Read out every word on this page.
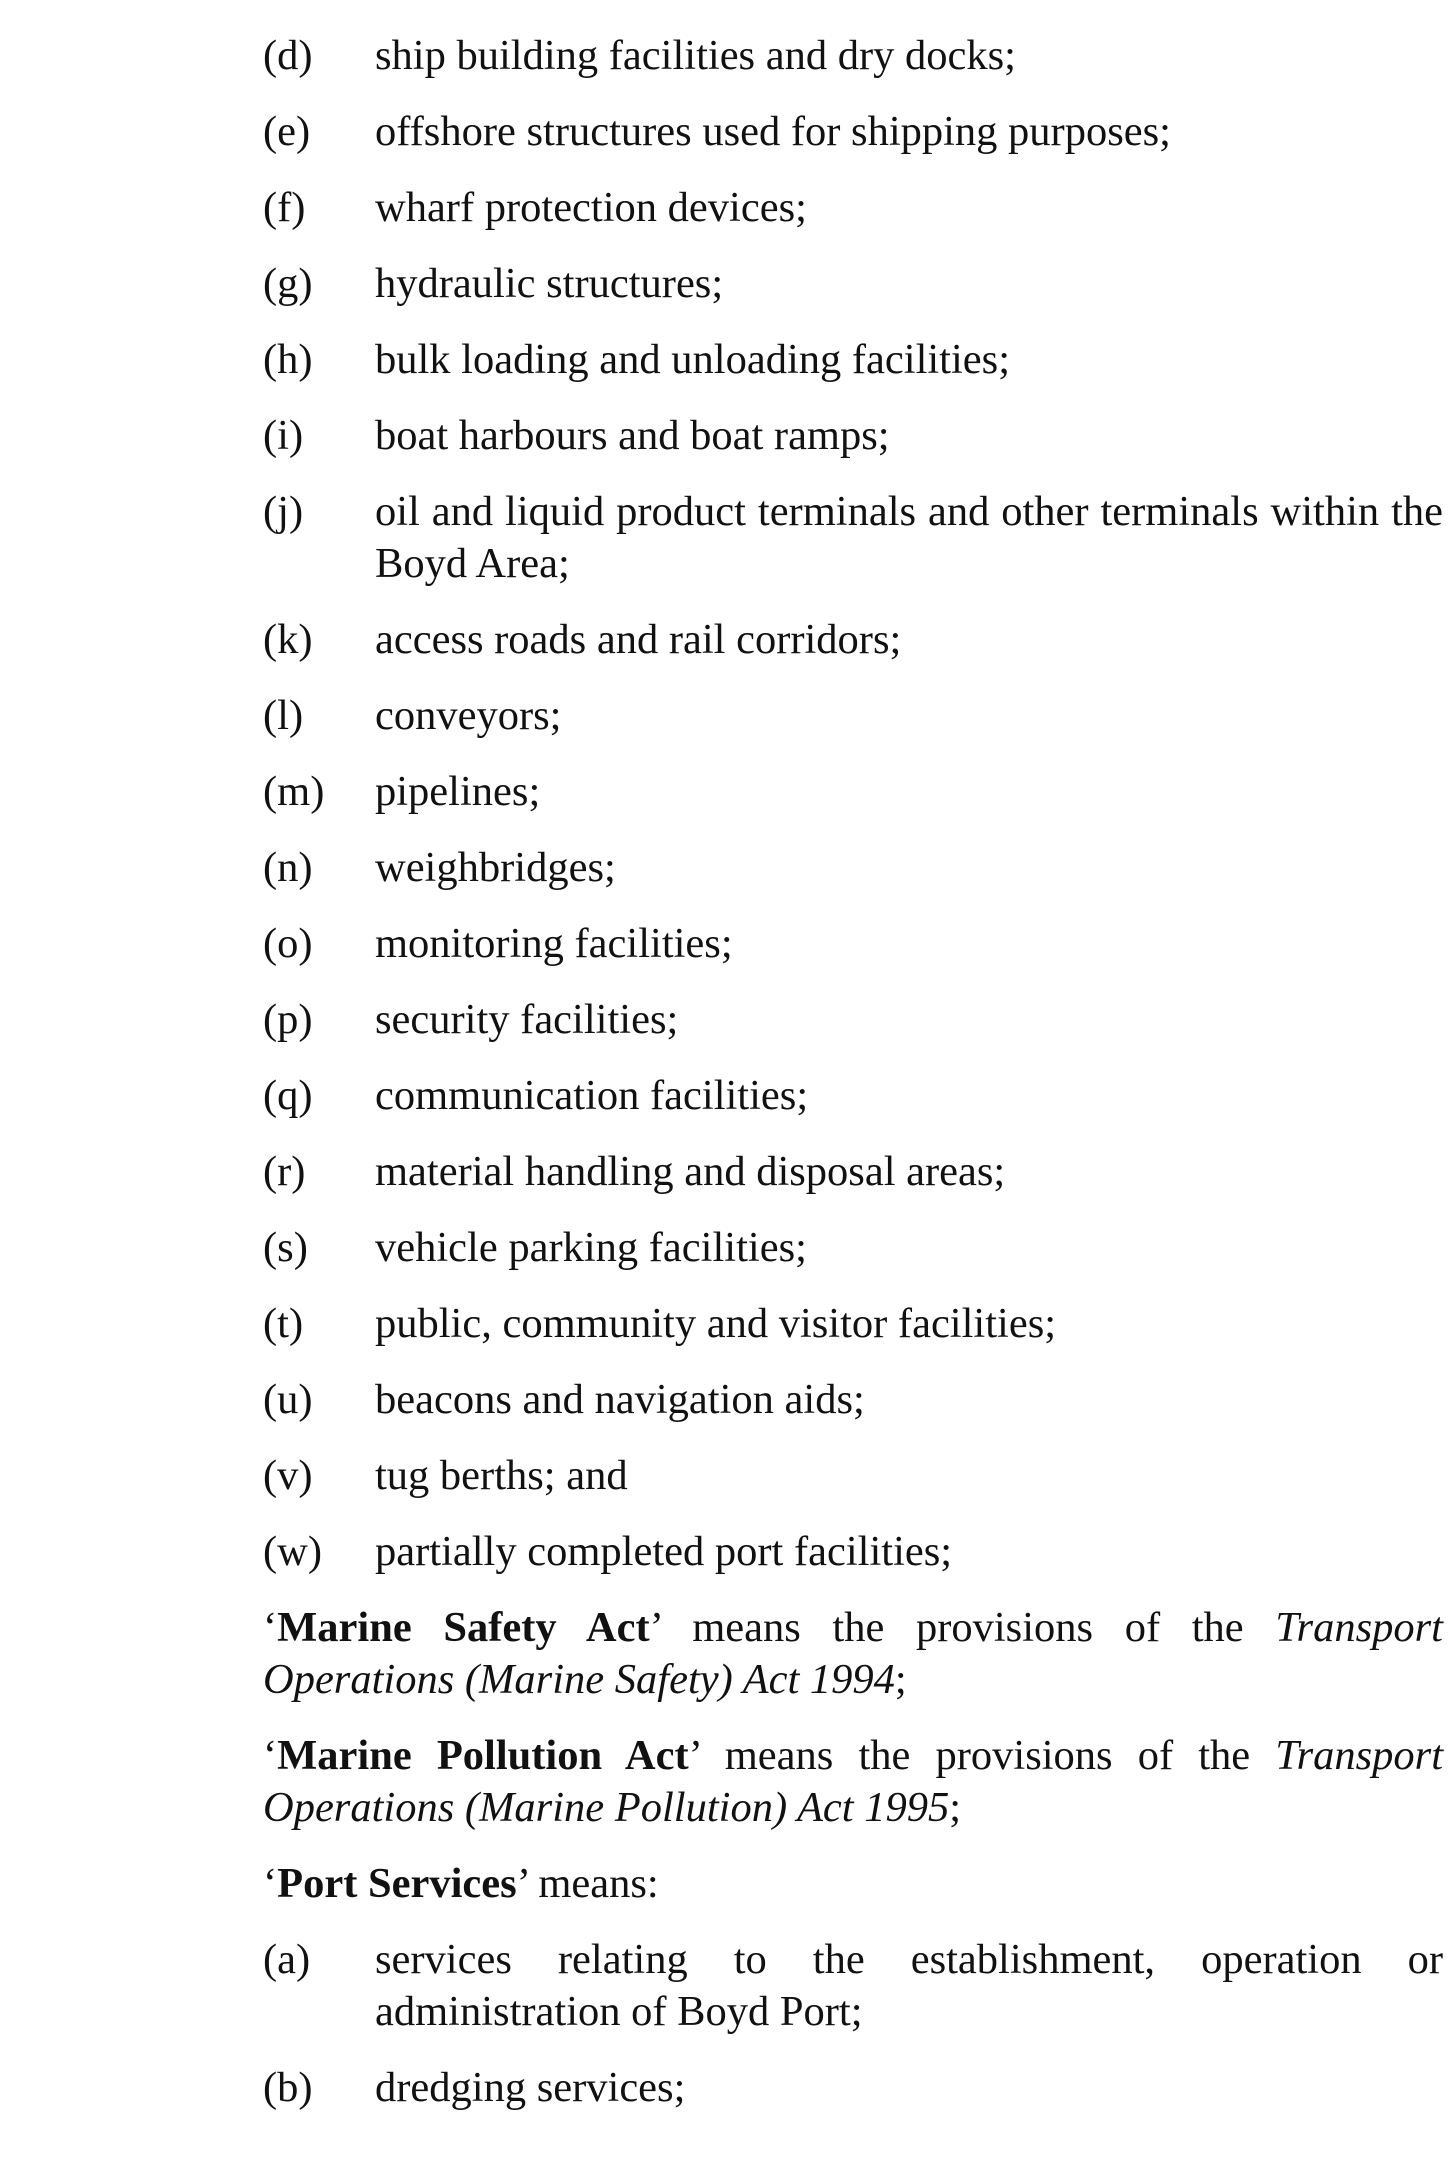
(d) ship building facilities and dry docks;
(e) offshore structures used for shipping purposes;
(f) wharf protection devices;
(g) hydraulic structures;
(h) bulk loading and unloading facilities;
(i) boat harbours and boat ramps;
(j) oil and liquid product terminals and other terminals within the Boyd Area;
(k) access roads and rail corridors;
(l) conveyors;
(m) pipelines;
(n) weighbridges;
(o) monitoring facilities;
(p) security facilities;
(q) communication facilities;
(r) material handling and disposal areas;
(s) vehicle parking facilities;
(t) public, community and visitor facilities;
(u) beacons and navigation aids;
(v) tug berths; and
(w) partially completed port facilities;

‘Marine Safety Act’ means the provisions of the Transport Operations (Marine Safety) Act 1994;

‘Marine Pollution Act’ means the provisions of the Transport Operations (Marine Pollution) Act 1995;

‘Port Services’ means:

(a) services relating to the establishment, operation or administration of Boyd Port;
(b) dredging services;
